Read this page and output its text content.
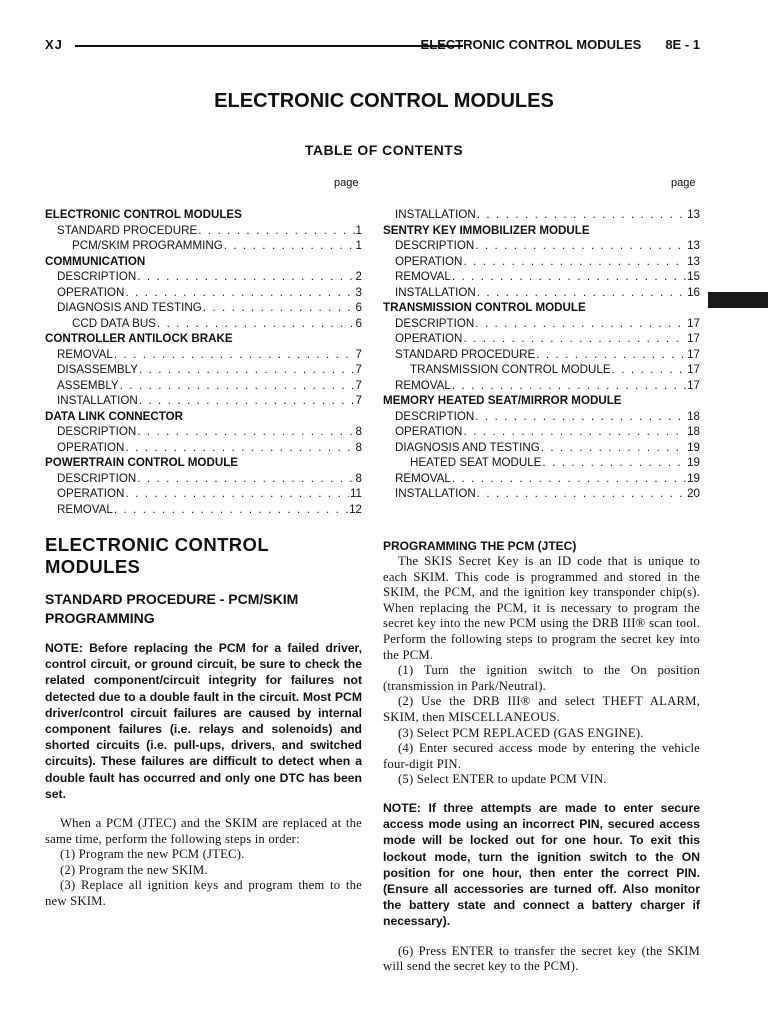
XJ	ELECTRONIC CONTROL MODULES 8E - 1
ELECTRONIC CONTROL MODULES
TABLE OF CONTENTS
page	page
ELECTRONIC CONTROL MODULES
STANDARD PROCEDURE . . .	1
PCM/SKIM PROGRAMMING . . .	1
COMMUNICATION
DESCRIPTION . . .	2
OPERATION . . .	3
DIAGNOSIS AND TESTING . . .	6
CCD DATA BUS . . .	6
CONTROLLER ANTILOCK BRAKE
REMOVAL . . .	7
DISASSEMBLY . . .	7
ASSEMBLY . . .	7
INSTALLATION . . .	7
DATA LINK CONNECTOR
DESCRIPTION . . .	8
OPERATION . . .	8
POWERTRAIN CONTROL MODULE
DESCRIPTION . . .	8
OPERATION . . .	11
REMOVAL . . .	12
INSTALLATION . . .	13
SENTRY KEY IMMOBILIZER MODULE
DESCRIPTION . . .	13
OPERATION . . .	13
REMOVAL . . .	15
INSTALLATION . . .	16
TRANSMISSION CONTROL MODULE
DESCRIPTION . . .	17
OPERATION . . .	17
STANDARD PROCEDURE . . .	17
TRANSMISSION CONTROL MODULE . . .	17
REMOVAL . . .	17
MEMORY HEATED SEAT/MIRROR MODULE
DESCRIPTION . . .	18
OPERATION . . .	18
DIAGNOSIS AND TESTING . . .	19
HEATED SEAT MODULE . . .	19
REMOVAL . . .	19
INSTALLATION . . .	20
ELECTRONIC CONTROL MODULES
STANDARD PROCEDURE - PCM/SKIM PROGRAMMING

NOTE: Before replacing the PCM for a failed driver, control circuit, or ground circuit, be sure to check the related component/circuit integrity for failures not detected due to a double fault in the circuit. Most PCM driver/control circuit failures are caused by internal component failures (i.e. relays and solenoids) and shorted circuits (i.e. pull-ups, drivers, and switched circuits). These failures are difficult to detect when a double fault has occurred and only one DTC has been set.

When a PCM (JTEC) and the SKIM are replaced at the same time, perform the following steps in order:

(1) Program the new PCM (JTEC).

(2) Program the new SKIM.

(3) Replace all ignition keys and program them to the new SKIM.

PROGRAMMING THE PCM (JTEC)

The SKIS Secret Key is an ID code that is unique to each SKIM. This code is programmed and stored in the SKIM, the PCM, and the ignition key transponder chip(s). When replacing the PCM, it is necessary to program the secret key into the new PCM using the DRB III® scan tool. Perform the following steps to program the secret key into the PCM.

(1) Turn the ignition switch to the On position (transmission in Park/Neutral).

(2) Use the DRB III® and select THEFT ALARM, SKIM, then MISCELLANEOUS.

(3) Select PCM REPLACED (GAS ENGINE).

(4) Enter secured access mode by entering the vehicle four-digit PIN.

(5) Select ENTER to update PCM VIN.

NOTE: If three attempts are made to enter secure access mode using an incorrect PIN, secured access mode will be locked out for one hour. To exit this lockout mode, turn the ignition switch to the ON position for one hour, then enter the correct PIN. (Ensure all accessories are turned off. Also monitor the battery state and connect a battery charger if necessary).

(6) Press ENTER to transfer the secret key (the SKIM will send the secret key to the PCM).
